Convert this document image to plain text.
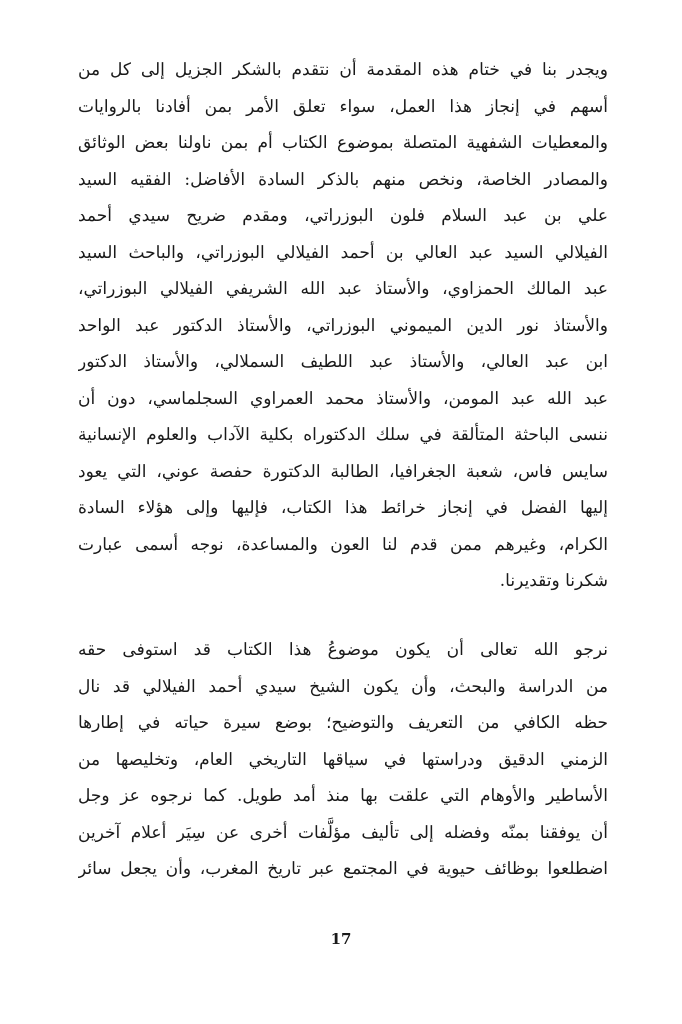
ويجدر بنا في ختام هذه المقدمة أن نتقدم بالشكر الجزيل إلى كل من
أسهم في إنجاز هذا العمل، سواء تعلق الأمر بمن أفادنا بالروايات
والمعطيات الشفهية المتصلة بموضوع الكتاب أم بمن ناولنا بعض الوثائق
والمصادر الخاصة، ونخص منهم بالذكر السادة الأفاضل: الفقيه السيد
علي بن عبد السلام فلون البوزراتي، ومقدم ضريح سيدي أحمد
الفيلالي السيد عبد العالي بن أحمد الفيلالي البوزراتي، والباحث السيد
عبد المالك الحمزاوي، والأستاذ عبد الله الشريفي الفيلالي البوزراتي،
والأستاذ نور الدين الميموني البوزراتي، والأستاذ الدكتور عبد الواحد
ابن عبد العالي، والأستاذ عبد اللطيف السملالي، والأستاذ الدكتور
عبد الله عبد المومن، والأستاذ محمد العمراوي السجلماسي، دون أن
ننسى الباحثة المتألقة في سلك الدكتوراه بكلية الآداب والعلوم الإنسانية
سايس فاس، شعبة الجغرافيا، الطالبة الدكتورة حفصة عوني، التي يعود
إليها الفضل في إنجاز خرائط هذا الكتاب، فإليها وإلى هؤلاء السادة
الكرام، وغيرهم ممن قدم لنا العون والمساعدة، نوجه أسمى عبارت
شكرنا وتقديرنا.
نرجو الله تعالى أن يكون موضوعُ هذا الكتاب قد استوفى حقه
من الدراسة والبحث، وأن يكون الشيخ سيدي أحمد الفيلالي قد نال
حظه الكافي من التعريف والتوضيح؛ بوضع سيرة حياته في إطارها
الزمني الدقيق ودراستها في سياقها التاريخي العام، وتخليصها من
الأساطير والأوهام التي علقت بها منذ أمد طويل. كما نرجوه عز وجل
أن يوفقنا بمنّه وفضله إلى تأليف مؤلَّفات أخرى عن سِيَر أعلام آخرين
اضطلعوا بوظائف حيوية في المجتمع عبر تاريخ المغرب، وأن يجعل سائر
17
